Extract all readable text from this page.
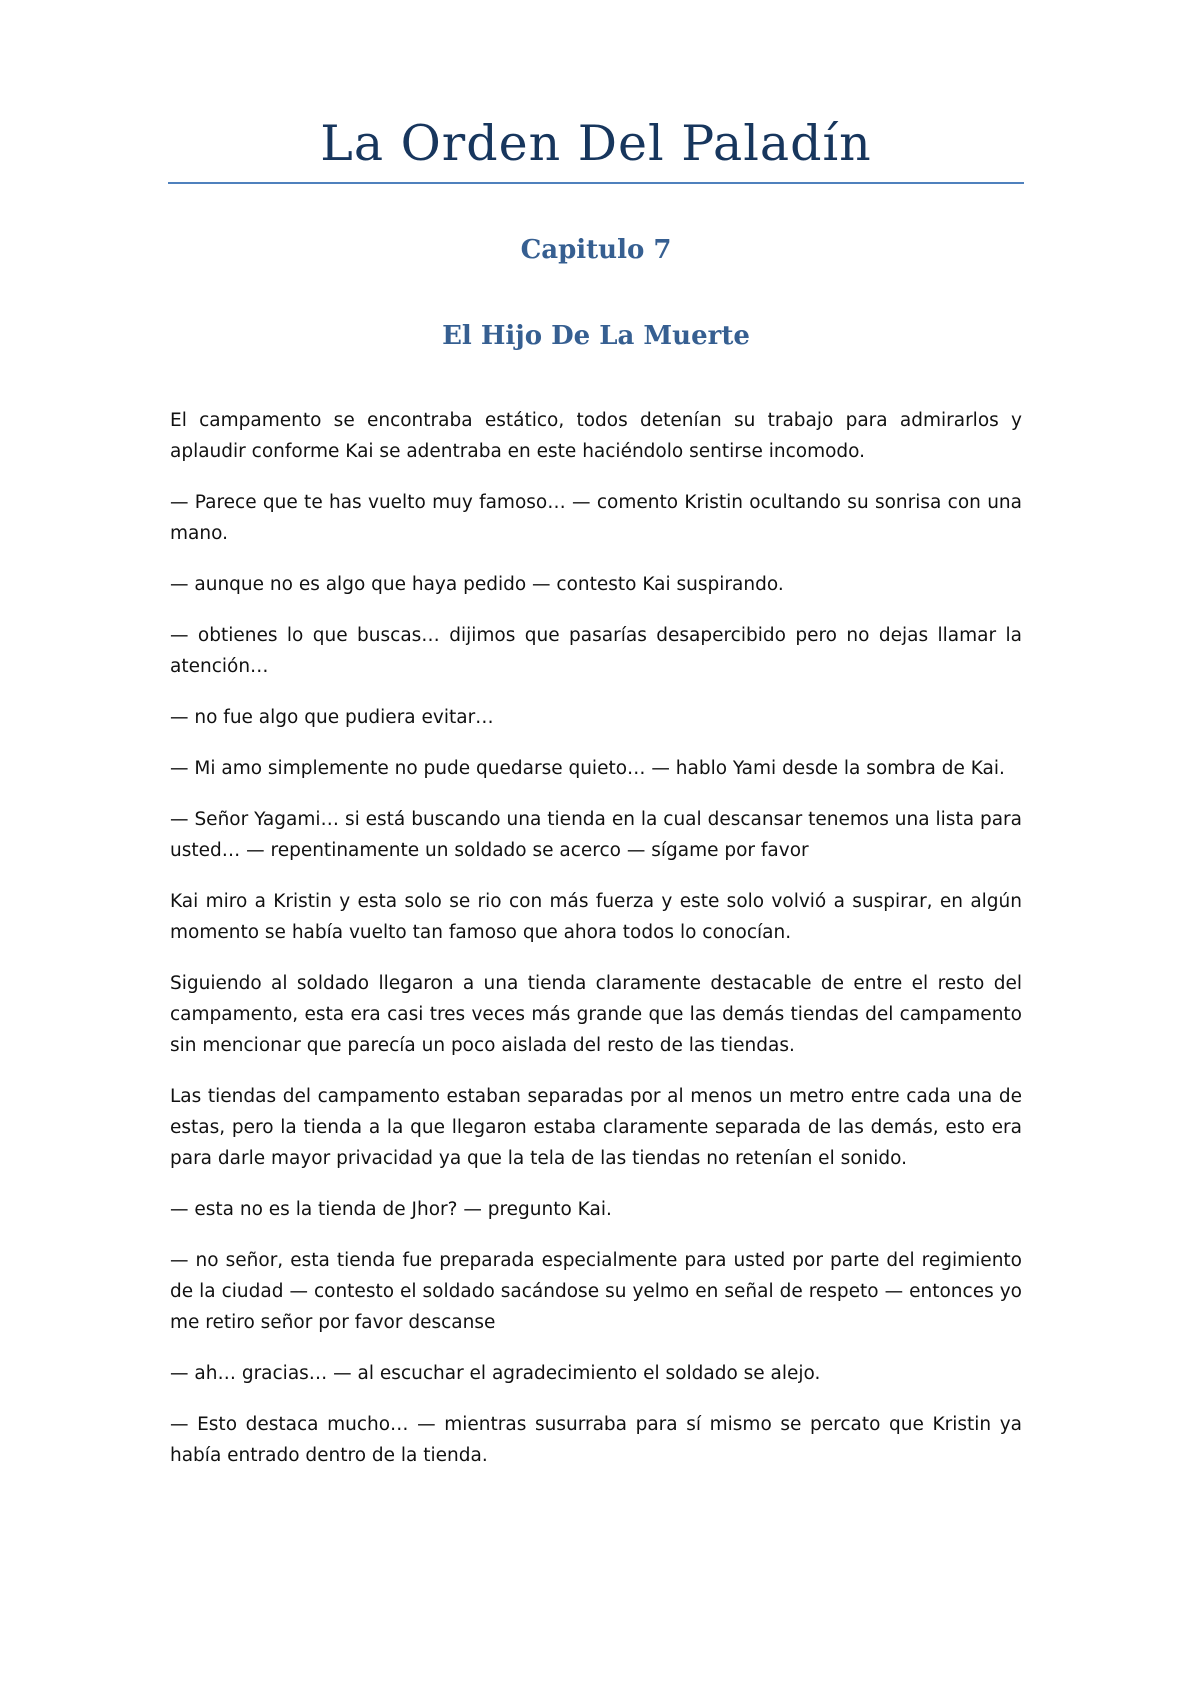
La Orden Del Paladín
Capitulo 7
El Hijo De La Muerte

El campamento se encontraba estático, todos detenían su trabajo para admirarlos y aplaudir conforme Kai se adentraba en este haciéndolo sentirse incomodo.

— Parece que te has vuelto muy famoso… — comento Kristin ocultando su sonrisa con una mano.

— aunque no es algo que haya pedido — contesto Kai suspirando.

— obtienes lo que buscas… dijimos que pasarías desapercibido pero no dejas llamar la atención…

— no fue algo que pudiera evitar…

— Mi amo simplemente no pude quedarse quieto… — hablo Yami desde la sombra de Kai.

— Señor Yagami… si está buscando una tienda en la cual descansar tenemos una lista para usted… — repentinamente un soldado se acerco — sígame por favor

Kai miro a Kristin y esta solo se rio con más fuerza y este solo volvió a suspirar, en algún momento se había vuelto tan famoso que ahora todos lo conocían.

Siguiendo al soldado llegaron a una tienda claramente destacable de entre el resto del campamento, esta era casi tres veces más grande que las demás tiendas del campamento sin mencionar que parecía un poco aislada del resto de las tiendas.

Las tiendas del campamento estaban separadas por al menos un metro entre cada una de estas, pero la tienda a la que llegaron estaba claramente separada de las demás, esto era para darle mayor privacidad ya que la tela de las tiendas no retenían el sonido.

— esta no es la tienda de Jhor? — pregunto Kai.

— no señor, esta tienda fue preparada especialmente para usted por parte del regimiento de la ciudad — contesto el soldado sacándose su yelmo en señal de respeto — entonces yo me retiro señor por favor descanse

— ah… gracias… — al escuchar el agradecimiento el soldado se alejo.

— Esto destaca mucho… — mientras susurraba para sí mismo se percato que Kristin ya había entrado dentro de la tienda.
